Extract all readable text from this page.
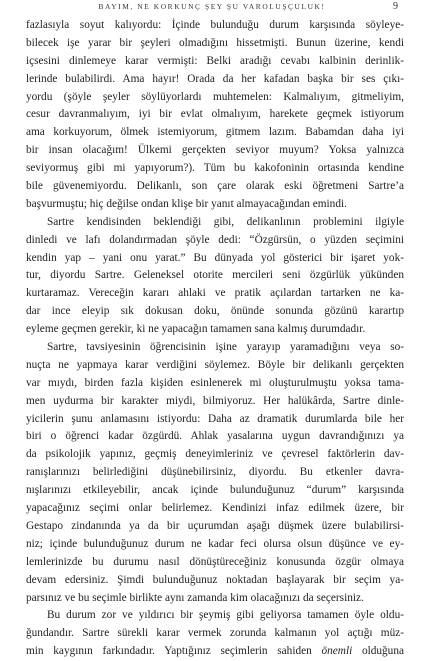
BAYIM, NE KORKUNÇ ŞEY ŞU VAROLUŞÇULUK!	9
fazlasıyla soyut kalıyordu: İçinde bulunduğu durum karşısında söyleye-
bilecek işe yarar bir şeyleri olmadığını hissetmişti. Bunun üzerine, kendi
içsesini dinlemeye karar vermişti: Belki aradığı cevabı kalbinin derinlik-
lerinde bulabilirdi. Ama hayır! Orada da her kafadan başka bir ses çıkı-
yordu (şöyle şeyler söylüyorlardı muhtemelen: Kalmalıyım, gitmeliyim,
cesur davranmalıyım, iyi bir evlat olmalıyım, harekete geçmek istiyorum
ama korkuyorum, ölmek istemiyorum, gitmem lazım. Babamdan daha iyi
bir insan olacağım! Ülkemi gerçekten seviyor muyum? Yoksa yalnızca
seviyormuş gibi mi yapıyorum?). Tüm bu kakofoninin ortasında kendine
bile güvenemiyordu. Delikanlı, son çare olarak eski öğretmeni Sartre’a
başvurmuştu; hiç değilse ondan klişe bir yanıt almayacağından emindi.
Sartre kendisinden beklendiği gibi, delikanlının problemini ilgiyle
dinledi ve lafı dolandırmadan şöyle dedi: “Özgürsün, o yüzden seçimini
kendin yap – yani onu yarat.” Bu dünyada yol gösterici bir işaret yok-
tur, diyordu Sartre. Geleneksel otorite mercileri seni özgürlük yükünden
kurtaramaz. Vereceğin kararı ahlaki ve pratik açılardan tartarken ne ka-
dar ince eleyip sık dokusan doku, önünde sonunda gözünü karartıp
eyleme geçmen gerekir, ki ne yapacağın tamamen sana kalmış durumdadır.
Sartre, tavsiyesinin öğrencisinin işine yarayıp yaramadığını veya so-
nuçta ne yapmaya karar verdiğini söylemez. Böyle bir delikanlı gerçekten
var mıydı, birden fazla kişiden esinlenerek mi oluşturulmuştu yoksa tama-
men uydurma bir karakter miydi, bilmiyoruz. Her halükârda, Sartre dinle-
yicilerin şunu anlamasını istiyordu: Daha az dramatik durumlarda bile her
biri o öğrenci kadar özgürdü. Ahlak yasalarına uygun davrandığınızı ya
da psikolojik yapınız, geçmiş deneyimleriniz ve çevresel faktörlerin dav-
ranışlarınızı belirlediğini düşünebilirsiniz, diyordu. Bu etkenler davra-
nışlarınızı etkileyebilir, ancak içinde bulunduğunuz “durum” karşısında
yapacağınız seçimi onlar belirlemez. Kendinizi infaz edilmek üzere, bir
Gestapo zindanında ya da bir uçurumdan aşağı düşmek üzere bulabilirsi-
niz; içinde bulunduğunuz durum ne kadar feci olursa olsun düşünce ve ey-
lemlerinizde bu durumu nasıl dönüştüreceğiniz konusunda özgür olmaya
devam edersiniz. Şimdi bulunduğunuz noktadan başlayarak bir seçim ya-
parsınız ve bu seçimle birlikte aynı zamanda kim olacağınızı da seçersiniz.
Bu durum zor ve yıldırıcı bir şeymiş gibi geliyorsa tamamen öyle oldu-
ğundandır. Sartre sürekli karar vermek zorunda kalmanın yol açtığı müz-
min kaygının farkındadır. Yaptığınız seçimlerin sahiden önemli olduğuna
